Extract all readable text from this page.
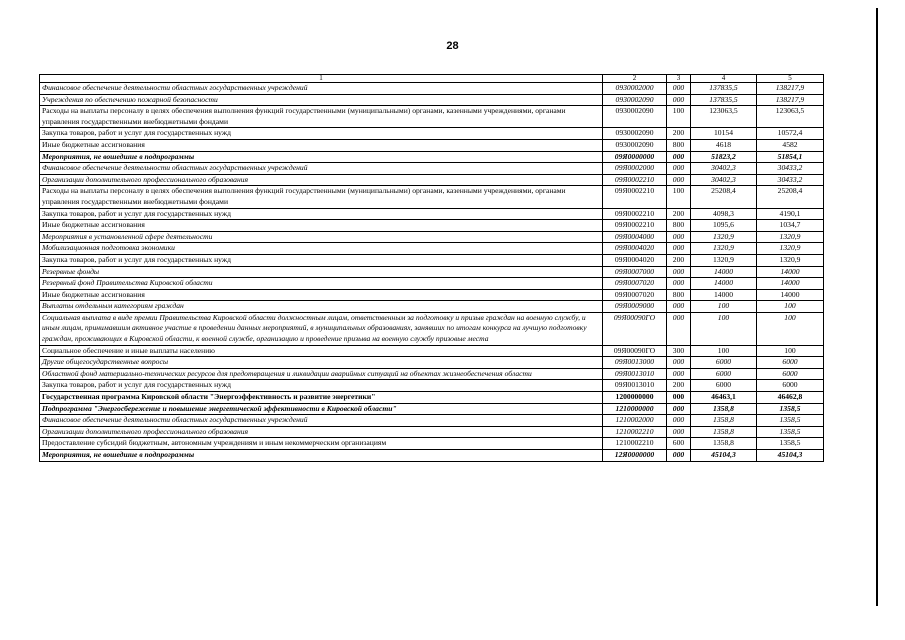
28
1	2	3	4	5
Финансовое обеспечение деятельности областных государственных учреждений	0930002000	000	137835,5	138217,9
Учреждения по обеспечению пожарной безопасности	0930002090	000	137835,5	138217,9
Расходы на выплаты персоналу в целях обеспечения выполнения функций государственными (муниципальными) органами, казенными учреждениями, органами управления государственными внебюджетными фондами	0930002090	100	123063,5	123063,5
Закупка товаров, работ и услуг для государственных нужд	0930002090	200	10154	10572,4
Иные бюджетные ассигнования	0930002090	800	4618	4582
Мероприятия, не вошедшие в подпрограммы	09Я0000000	000	51823,2	51854,1
Финансовое обеспечение деятельности областных государственных учреждений	09Я0002000	000	30402,3	30433,2
Организации дополнительного профессионального образования	09Я0002210	000	30402,3	30433,2
Расходы на выплаты персоналу в целях обеспечения выполнения функций государственными (муниципальными) органами, казенными учреждениями, органами управления государственными внебюджетными фондами	09Я0002210	100	25208,4	25208,4
Закупка товаров, работ и услуг для государственных нужд	09Я0002210	200	4098,3	4190,1
Иные бюджетные ассигнования	09Я0002210	800	1095,6	1034,7
Мероприятия в установленной сфере деятельности	09Я0004000	000	1320,9	1320,9
Мобилизационная подготовка экономики	09Я0004020	000	1320,9	1320,9
Закупка товаров, работ и услуг для государственных нужд	09Я0004020	200	1320,9	1320,9
Резервные фонды	09Я0007000	000	14000	14000
Резервный фонд Правительства Кировской области	09Я0007020	000	14000	14000
Иные бюджетные ассигнования	09Я0007020	800	14000	14000
Выплаты отдельным категориям граждан	09Я0009000	000	100	100
Социальная выплата в виде премии Правительства Кировской области должностным лицам, ответственным за подготовку и призыв граждан на военную службу, и иным лицам, принимавшим активное участие в проведении данных мероприятий, в муниципальных образованиях, занявших по итогам конкурса на лучшую подготовку граждан, проживающих в Кировской области, к военной службе, организацию и проведение призыва на военную службу призовые места	09Я00090ГО	000	100	100
Социальное обеспечение и иные выплаты населению	09Я00090ГО	300	100	100
Другие общегосударственные вопросы	09Я0013000	000	6000	6000
Областной фонд материально-технических ресурсов для предотвращения и ликвидации аварийных ситуаций на объектах жизнеобеспечения области	09Я0013010	000	6000	6000
Закупка товаров, работ и услуг для государственных нужд	09Я0013010	200	6000	6000
Государственная программа Кировской области "Энергоэффективность и развитие энергетики"	1200000000	000	46463,1	46462,8
Подпрограмма "Энергосбережение и повышение энергетической эффективности в Кировской области"	1210000000	000	1358,8	1358,5
Финансовое обеспечение деятельности областных государственных учреждений	1210002000	000	1358,8	1358,5
Организации дополнительного профессионального образования	1210002210	000	1358,8	1358,5
Предоставление субсидий бюджетным, автономным учреждениям и иным некоммерческим организациям	1210002210	600	1358,8	1358,5
Мероприятия, не вошедшие в подпрограммы	12Я0000000	000	45104,3	45104,3
